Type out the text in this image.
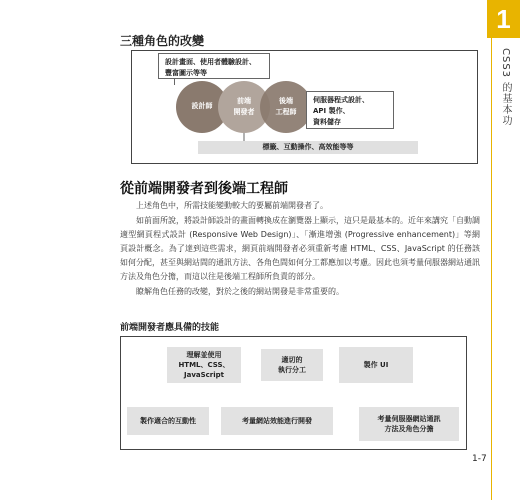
1
CSS3 的基本功
三種角色的改變
設計畫面、使用者體驗設計、
豐富圖示等等
設計師
前端
開發者
後端
工程師
伺服器程式設計、
API 製作、
資料儲存
標籤、互動操作、高效能等等
從前端開發者到後端工程師

上述角色中，所需技能變動較大的要屬前端開發者了。

如前面所說，將設計師設計的畫面轉換成在瀏覽器上顯示，這只是最基本的。近年來講究「自動調適型網頁程式設計 (Responsive Web Design)」、「漸進增強 (Progressive enhancement)」等網頁設計概念。為了達到這些需求，網頁前端開發者必須重新考慮 HTML、CSS、JavaScript 的任務該如何分配，甚至與網站間的通訊方法、各角色間如何分工都應加以考慮。因此也須考量伺服器網站通訊方法及角色分擔，而這以往是後端工程師所負責的部分。

瞭解角色任務的改變，對於之後的網站開發是非常重要的。

前端開發者應具備的技能
理解並使用
HTML、CSS、
JavaScript
適切的
執行分工
製作 UI
製作適合的互動性	考量網站效能進行開發	考量伺服器網站通訊
方法及角色分擔
1-7
